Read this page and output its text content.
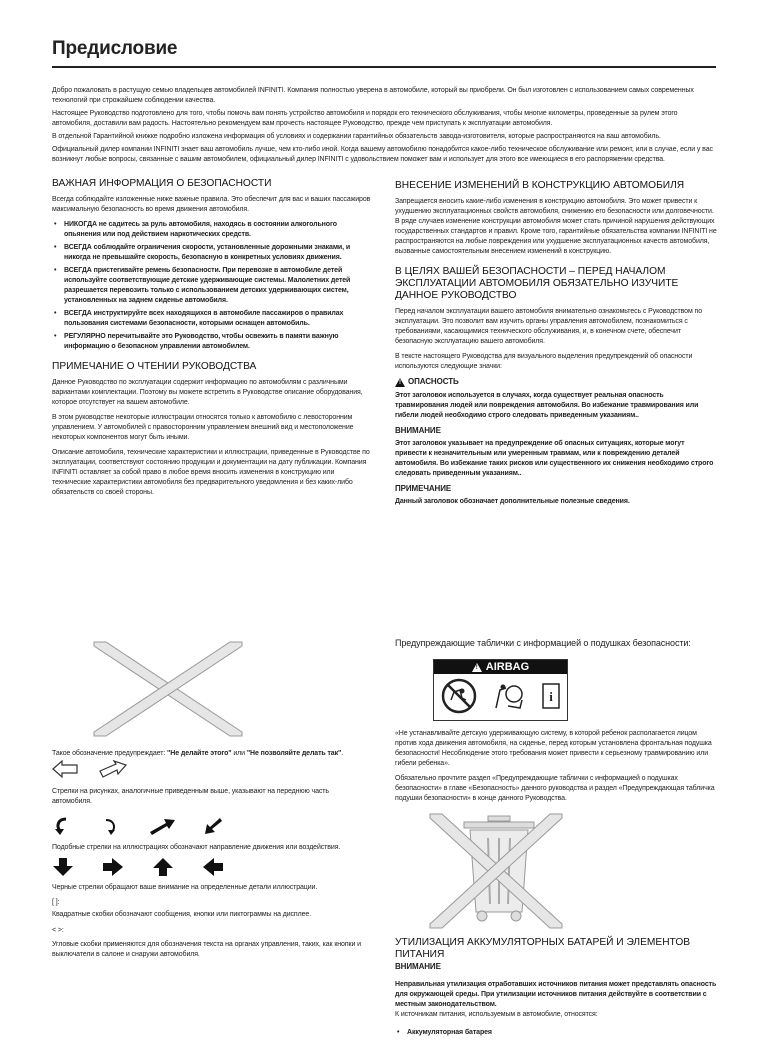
Предисловие

Добро пожаловать в растущую семью владельцев автомобилей INFINITI. Компания полностью уверена в автомобиле, который вы приобрели. Он был изготовлен с использованием самых современных технологий при строжайшем соблюдении качества.

Настоящее Руководство подготовлено для того, чтобы помочь вам понять устройство автомобиля и порядок его технического обслуживания, чтобы многие километры, проведенные за рулем этого автомобиля, доставили вам радость. Настоятельно рекомендуем вам прочесть настоящее Руководство, прежде чем приступать к эксплуатации автомобиля.

В отдельной Гарантийной книжке подробно изложена информация об условиях и содержании гарантийных обязательств завода-изготовителя, которые распространяются на ваш автомобиль.

Официальный дилер компании INFINITI знает ваш автомобиль лучше, чем кто-либо иной. Когда вашему автомобилю понадобится какое-либо техническое обслуживание или ремонт, или в случае, если у вас возникнут любые вопросы, связанные с вашим автомобилем, официальный дилер INFINITI с удовольствием поможет вам и использует для этого все имеющиеся в его распоряжении средства.

ВАЖНАЯ ИНФОРМАЦИЯ О БЕЗОПАСНОСТИ

Всегда соблюдайте изложенные ниже важные правила. Это обеспечит для вас и ваших пассажиров максимальную безопасность во время движения автомобиля.

• НИКОГДА не садитесь за руль автомобиля, находясь в состоянии алкогольного опьянения или под действием наркотических средств.
• ВСЕГДА соблюдайте ограничения скорости, установленные дорожными знаками, и никогда не превышайте скорость, безопасную в конкретных условиях движения.
• ВСЕГДА пристегивайте ремень безопасности. При перевозке в автомобиле детей используйте соответствующие детские удерживающие системы. Малолетних детей разрешается перевозить только с использованием детских удерживающих систем, установленных на заднем сиденье автомобиля.
• ВСЕГДА инструктируйте всех находящихся в автомобиле пассажиров о правилах пользования системами безопасности, которыми оснащен автомобиль.
• РЕГУЛЯРНО перечитывайте это Руководство, чтобы освежить в памяти важную информацию о безопасном управлении автомобилем.
ПРИМЕЧАНИЕ О ЧТЕНИИ РУКОВОДСТВА

Данное Руководство по эксплуатации содержит информацию по автомобилям с различными вариантами комплектации. Поэтому вы можете встретить в Руководстве описание оборудования, которое отсутствует на вашем автомобиле.

В этом руководстве некоторые иллюстрации относятся только к автомобилю с левосторонним управлением. У автомобилей с правосторонним управлением внешний вид и местоположение некоторых компонентов могут быть иными.

Описание автомобиля, технические характеристики и иллюстрации, приведенные в Руководстве по эксплуатации, соответствуют состоянию продукции и документации на дату публикации. Компания INFINITI оставляет за собой право в любое время вносить изменения в конструкцию или технические характеристики автомобиля без предварительного уведомления и без каких-либо обязательств со своей стороны.

ВНЕСЕНИЕ ИЗМЕНЕНИЙ В КОНСТРУКЦИЮ АВТОМОБИЛЯ

Запрещается вносить какие-либо изменения в конструкцию автомобиля. Это может привести к ухудшению эксплуатационных свойств автомобиля, снижению его безопасности или долговечности. В ряде случаев изменение конструкции автомобиля может стать причиной нарушения действующих государственных стандартов и правил. Кроме того, гарантийные обязательства компании INFINITI не распространяются на любые повреждения или ухудшение эксплуатационных качеств автомобиля, вызванные самостоятельным внесением изменений в конструкцию.

В ЦЕЛЯХ ВАШЕЙ БЕЗОПАСНОСТИ – ПЕРЕД НАЧАЛОМ ЭКСПЛУАТАЦИИ АВТОМОБИЛЯ ОБЯЗАТЕЛЬНО ИЗУЧИТЕ ДАННОЕ РУКОВОДСТВО

Перед началом эксплуатации вашего автомобиля внимательно ознакомьтесь с Руководством по эксплуатации. Это позволит вам изучить органы управления автомобилем, познакомиться с требованиями, касающимися технического обслуживания, и, в конечном счете, обеспечит безопасную эксплуатацию вашего автомобиля.

В тексте настоящего Руководства для визуального выделения предупреждений об опасности используются следующие значки:

! ОПАСНОСТЬ

Этот заголовок используется в случаях, когда существует реальная опасность травмирования людей или повреждения автомобиля. Во избежание травмирования или гибели людей необходимо строго следовать приведенным указаниям..

ВНИМАНИЕ

Этот заголовок указывает на предупреждение об опасных ситуациях, которые могут привести к незначительным или умеренным травмам, или к повреждению деталей автомобиля. Во избежание таких рисков или существенного их снижения необходимо строго следовать приведенным указаниям..

ПРИМЕЧАНИЕ

Данный заголовок обозначает дополнительные полезные сведения.

Такое обозначение предупреждает: "Не делайте этого" или "Не позволяйте делать так".
Стрелки на рисунках, аналогичные приведенным выше, указывают на переднюю часть автомобиля.
Подобные стрелки на иллюстрациях обозначают направление движения или воздействия.
Черные стрелки обращают ваше внимание на определенные детали иллюстрации.
[ ]:
Квадратные скобки обозначают сообщения, кнопки или пиктограммы на дисплее.
< >:
Угловые скобки применяются для обозначения текста на органах управления, таких, как кнопки и выключатели в салоне и снаружи автомобиля.
Предупреждающие таблички с информацией о подушках безопасности:
! AIRBAG
i

«Не устанавливайте детскую удерживающую систему, в которой ребенок располагается лицом против хода движения автомобиля, на сиденье, перед которым установлена фронтальная подушка безопасности! Несоблюдение этого требования может привести к серьезному травмированию или гибели ребенка».

Обязательно прочтите раздел «Предупреждающие таблички с информацией о подушках безопасности» в главе «Безопасность» данного руководства и раздел «Предупреждающая табличка подушки безопасности» в конце данного Руководства.

УТИЛИЗАЦИЯ АККУМУЛЯТОРНЫХ БАТАРЕЙ И ЭЛЕМЕНТОВ ПИТАНИЯ
ВНИМАНИЕ

Неправильная утилизация отработавших источников питания может представлять опасность для окружающей среды. При утилизации источников питания действуйте в соответствии с местным законодательством.

К источникам питания, используемым в автомобиле, относятся:

• Аккумуляторная батарея
